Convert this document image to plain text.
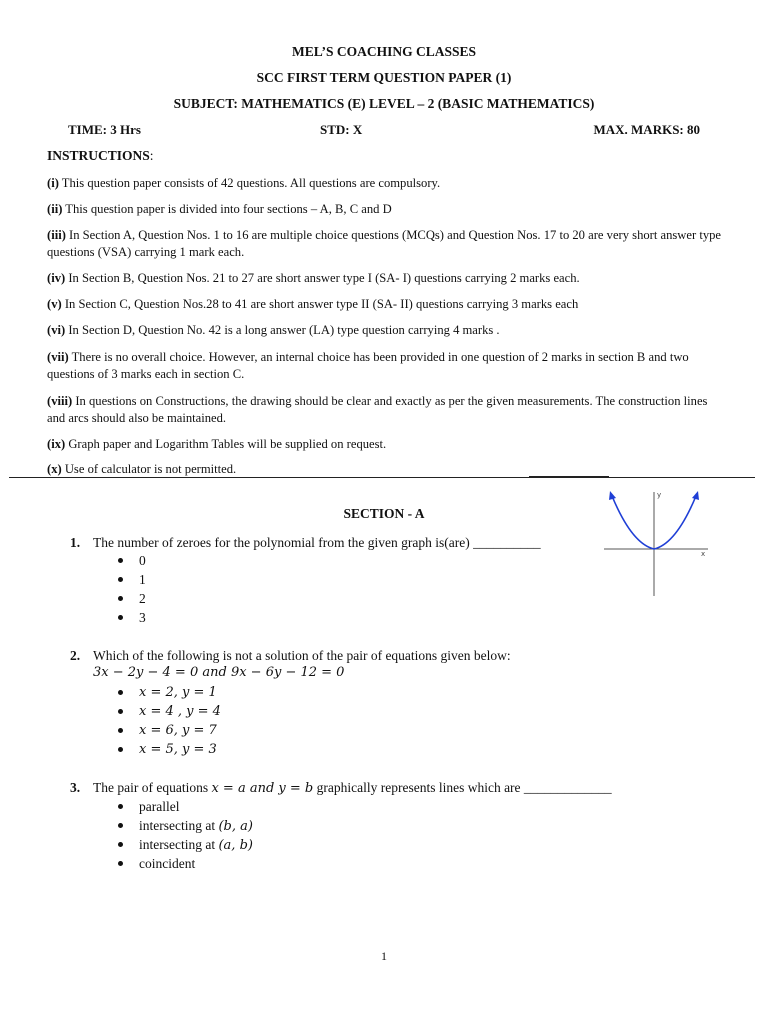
MEL’S COACHING CLASSES
SCC FIRST TERM QUESTION PAPER (1)
SUBJECT: MATHEMATICS (E) LEVEL – 2 (BASIC MATHEMATICS)
TIME: 3 Hrs	STD: X	MAX. MARKS: 80
INSTRUCTIONS:
(i) This question paper consists of 42 questions. All questions are compulsory.
(ii) This question paper is divided into four sections – A, B, C and D
(iii) In Section A, Question Nos. 1 to 16 are multiple choice questions (MCQs) and Question Nos. 17 to 20 are very short answer type questions (VSA) carrying 1 mark each.
(iv) In Section B, Question Nos. 21 to 27 are short answer type I (SA- I) questions carrying 2 marks each.
(v) In Section C, Question Nos.28 to 41 are short answer type II (SA- II) questions carrying 3 marks each
(vi) In Section D, Question No. 42 is a long answer (LA) type question carrying 4 marks .
(vii) There is no overall choice. However, an internal choice has been provided in one question of 2 marks in section B and two questions of 3 marks each in section C.
(viii) In questions on Constructions, the drawing should be clear and exactly as per the given measurements. The construction lines and arcs should also be maintained.
(ix) Graph paper and Logarithm Tables will be supplied on request.
(x) Use of calculator is not permitted.
SECTION - A
1. The number of zeroes for the polynomial from the given graph is(are) __________
0
1
2
3
y
x
2. Which of the following is not a solution of the pair of equations given below:
3x − 2y − 4 = 0 and 9x − 6y − 12 = 0
x = 2, y = 1
x = 4 , y = 4
x = 6, y = 7
x = 5, y = 3
3. The pair of equations x = a and y = b graphically represents lines which are _____________
parallel
intersecting at (b, a)
intersecting at (a, b)
coincident
1
